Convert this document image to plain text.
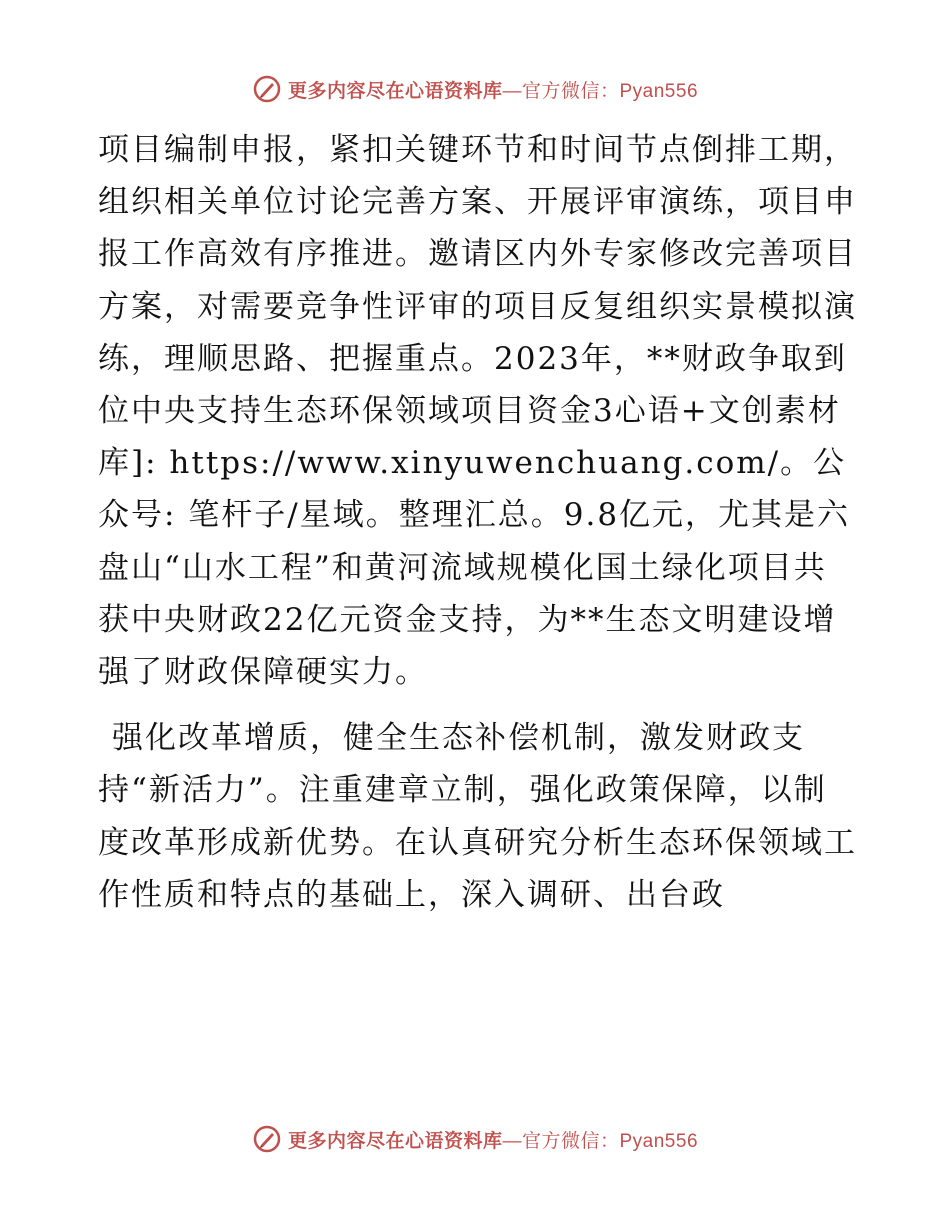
更多内容尽在心语资料库—官方微信：Pyan556

项目编制申报，紧扣关键环节和时间节点倒排工期，组织相关单位讨论完善方案、开展评审演练，项目申报工作高效有序推进。邀请区内外专家修改完善项目方案，对需要竞争性评审的项目反复组织实景模拟演练，理顺思路、把握重点。2023年，**财政争取到位中央支持生态环保领域项目资金3心语+文创素材库]: https://www.xinyuwenchuang.com/。公众号: 笔杆子/星域。整理汇总。9.8亿元，尤其是六盘山“山水工程”和黄河流域规模化国土绿化项目共获中央财政22亿元资金支持，为**生态文明建设增强了财政保障硬实力。

强化改革增质，健全生态补偿机制，激发财政支持“新活力”。注重建章立制，强化政策保障，以制度改革形成新优势。在认真研究分析生态环保领域工作性质和特点的基础上，深入调研、出台政

更多内容尽在心语资料库—官方微信：Pyan556
